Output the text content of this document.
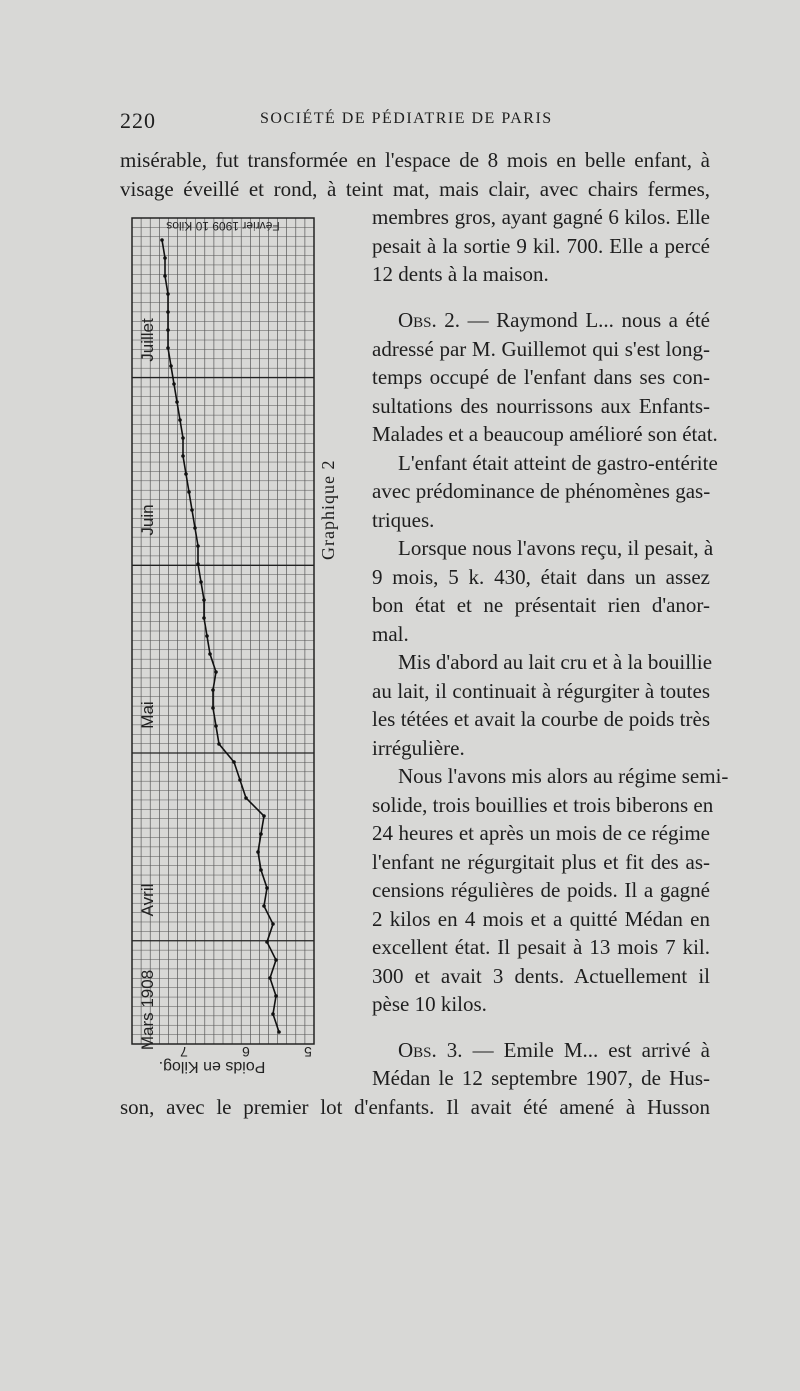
220	SOCIÉTÉ DE PÉDIATRIE DE PARIS
misérable, fut transformée en l'espace de 8 mois en belle enfant, à
visage éveillé et rond, à teint mat, mais clair, avec chairs fermes,
membres gros, ayant gagné 6 kilos. Elle
pesait à la sortie 9 kil. 700. Elle a percé
12 dents à la maison.
Obs. 2. — Raymond L... nous a été
adressé par M. Guillemot qui s'est long-
temps occupé de l'enfant dans ses con-
sultations des nourrissons aux Enfants-
Malades et a beaucoup amélioré son état.
L'enfant était atteint de gastro-entérite
avec prédominance de phénomènes gas-
triques.
Lorsque nous l'avons reçu, il pesait, à
9 mois, 5 k. 430, était dans un assez
bon état et ne présentait rien d'anor-
mal.
Mis d'abord au lait cru et à la bouillie
au lait, il continuait à régurgiter à toutes
les tétées et avait la courbe de poids très
irrégulière.
Nous l'avons mis alors au régime semi-
solide, trois bouillies et trois biberons en
24 heures et après un mois de ce régime
l'enfant ne régurgitait plus et fit des as-
censions régulières de poids. Il a gagné
2 kilos en 4 mois et a quitté Médan en
excellent état. Il pesait à 13 mois 7 kil.
300 et avait 3 dents. Actuellement il
pèse 10 kilos.
Obs. 3. — Emile M... est arrivé à
Médan le 12 septembre 1907, de Hus-
son, avec le premier lot d'enfants. Il avait été amené à Husson
Graphique 2
Février 1909 10 Kilos
Mars 1908
Avril
Mai
Juin
Juillet
5
6
7
Poids en Kilog.
